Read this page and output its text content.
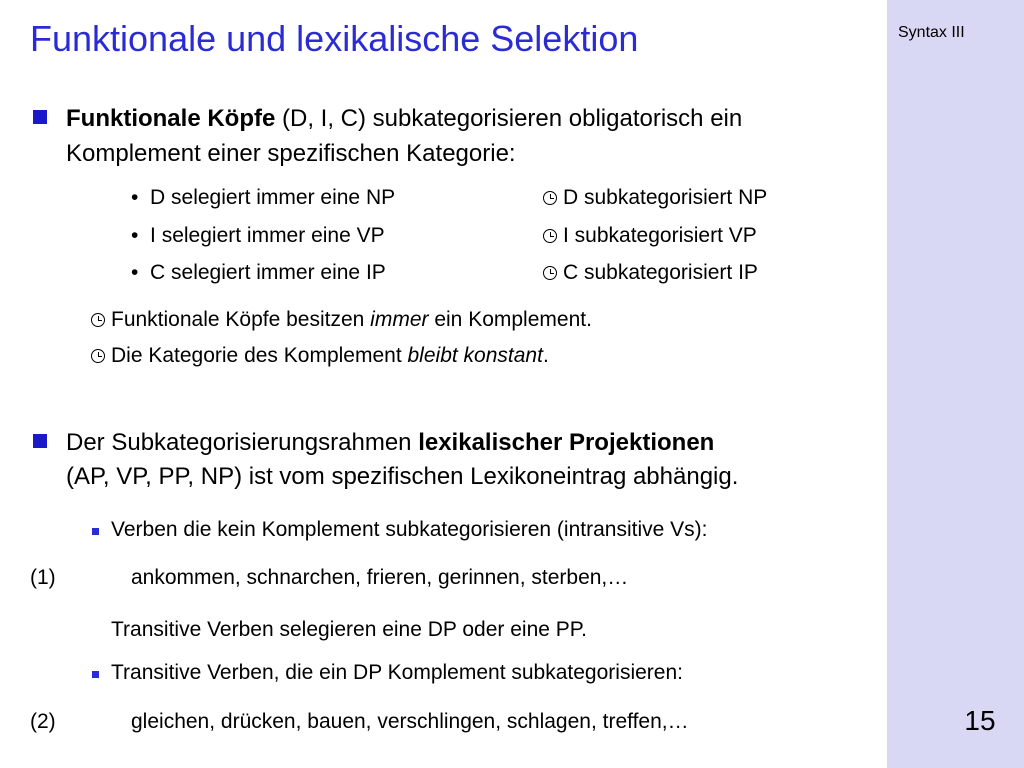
Syntax III
15
Funktionale und lexikalische Selektion
Funktionale Köpfe (D, I, C) subkategorisieren obligatorisch ein
Komplement einer spezifischen Kategorie:
•  D selegiert immer eine NP
•  I selegiert immer eine VP
•  C selegiert immer eine IP
D subkategorisiert NP
I subkategorisiert VP
C subkategorisiert IP
Funktionale Köpfe besitzen immer ein Komplement.
Die Kategorie des Komplement bleibt konstant.
Der Subkategorisierungsrahmen lexikalischer Projektionen
(AP, VP, PP, NP) ist vom spezifischen Lexikoneintrag abhängig.
Verben die kein Komplement subkategorisieren (intransitive Vs):
(1)	ankommen, schnarchen, frieren, gerinnen, sterben,…
Transitive Verben selegieren eine DP oder eine PP.
Transitive Verben, die ein DP Komplement subkategorisieren:
(2)	gleichen, drücken, bauen, verschlingen, schlagen, treffen,…
